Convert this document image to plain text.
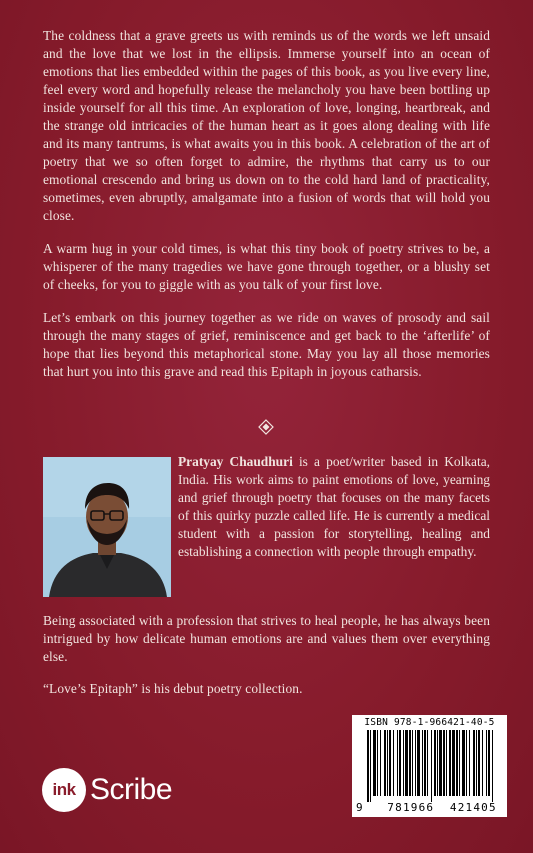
The coldness that a grave greets us with reminds us of the words we left unsaid and the love that we lost in the ellipsis. Immerse yourself into an ocean of emotions that lies embedded within the pages of this book, as you live every line, feel every word and hopefully release the melancholy you have been bottling up inside yourself for all this time. An exploration of love, longing, heartbreak, and the strange old intricacies of the human heart as it goes along dealing with life and its many tantrums, is what awaits you in this book. A celebration of the art of poetry that we so often forget to admire, the rhythms that carry us to our emotional crescendo and bring us down on to the cold hard land of practicality, sometimes, even abruptly, amalgamate into a fusion of words that will hold you close.

A warm hug in your cold times, is what this tiny book of poetry strives to be, a whisperer of the many tragedies we have gone through together, or a blushy set of cheeks, for you to giggle with as you talk of your first love.

Let’s embark on this journey together as we ride on waves of prosody and sail through the many stages of grief, reminiscence and get back to the ‘afterlife’ of hope that lies beyond this metaphorical stone. May you lay all those memories that hurt you into this grave and read this Epitaph in joyous catharsis.

Pratyay Chaudhuri is a poet/writer based in Kolkata, India. His work aims to paint emotions of love, yearning and grief through poetry that focuses on the many facets of this quirky puzzle called life. He is currently a medical student with a passion for storytelling, healing and establishing a connection with people through empathy.

Being associated with a profession that strives to heal people, he has always been intrigued by how delicate human emotions are and values them over everything else.

“Love’s Epitaph” is his debut poetry collection.

ISBN 978-1-966421-40-5
9 781966 421405
ink Scribe
